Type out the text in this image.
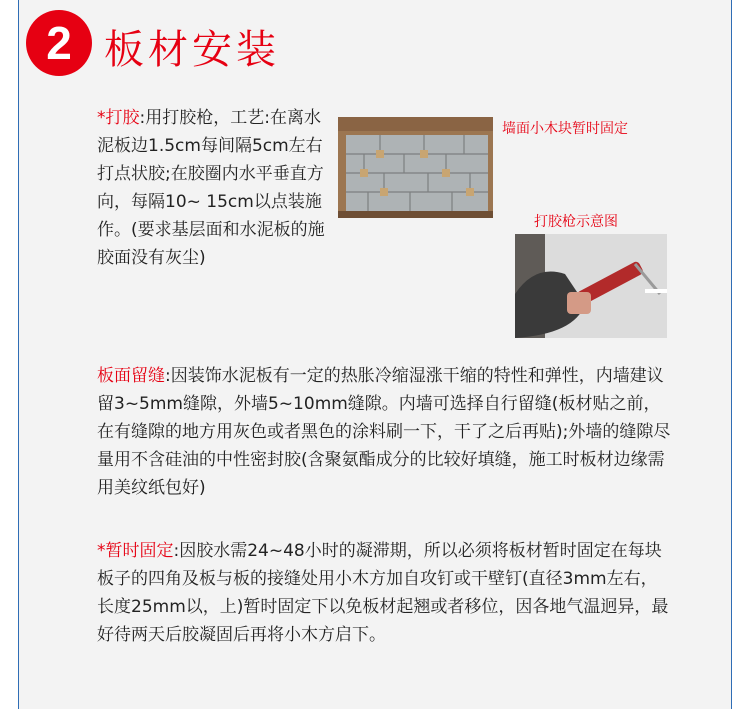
2 板材安装

*打胶:用打胶枪，工艺:在离水泥板边1.5cm每间隔5cm左右打点状胶;在胶圈内水平垂直方向，每隔10~ 15cm以点装施作。(要求基层面和水泥板的施胶面没有灰尘)

墙面小木块暂时固定
打胶枪示意图

板面留缝:因装饰水泥板有一定的热胀冷缩湿涨干缩的特性和弹性，内墙建议留3~5mm缝隙，外墙5~10mm缝隙。内墙可选择自行留缝(板材贴之前，在有缝隙的地方用灰色或者黑色的涂料刷一下，干了之后再贴);外墙的缝隙尽量用不含硅油的中性密封胶(含聚氨酯成分的比较好填缝，施工时板材边缘需用美纹纸包好)

*暂时固定:因胶水需24~48小时的凝滞期，所以必须将板材暂时固定在每块板子的四角及板与板的接缝处用小木方加自攻钉或干壁钉(直径3mm左右，长度25mm以，上)暂时固定下以免板材起翘或者移位，因各地气温迥异，最好待两天后胶凝固后再将小木方启下。
